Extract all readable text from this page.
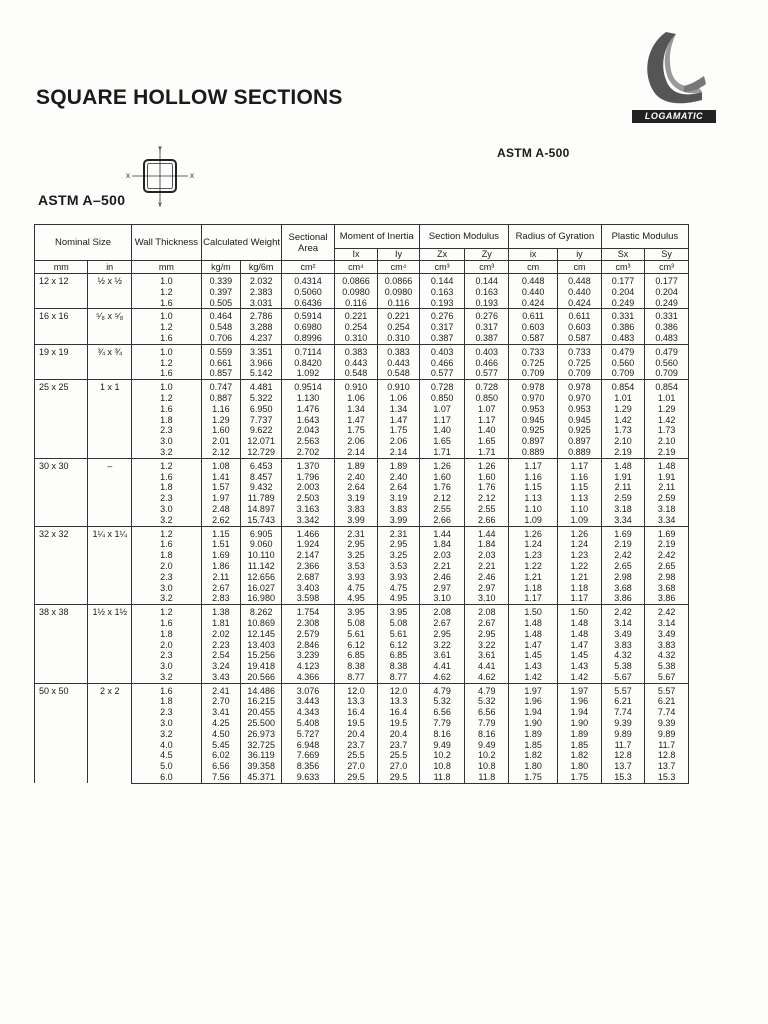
SQUARE HOLLOW SECTIONS
LOGAMATIC
ASTM A-500
X	X
Y
Y
ASTM A–500
Nominal Size		Wall Thickness	Calculated Weight		Sectional Area	Moment of Inertia		Section Modulus		Radius of Gyration		Plastic Modulus	
						Ix	Iy	Zx	Zy	ix	iy	Sx	Sy
mm	in	mm	kg/m	kg/6m	cm²	cm⁴	cm⁴	cm³	cm³	cm	cm	cm³	cm³
12 x 12	½ x ½	1.0	0.339	2.032	0.4314	0.0866	0.0866	0.144	0.144	0.448	0.448	0.177	0.177
		1.2	0.397	2.383	0.5060	0.0980	0.0980	0.163	0.163	0.440	0.440	0.204	0.204
		1.6	0.505	3.031	0.6436	0.116	0.116	0.193	0.193	0.424	0.424	0.249	0.249
16 x 16	⁵⁄₈ x ⁵⁄₈	1.0	0.464	2.786	0.5914	0.221	0.221	0.276	0.276	0.611	0.611	0.331	0.331
		1.2	0.548	3.288	0.6980	0.254	0.254	0.317	0.317	0.603	0.603	0.386	0.386
		1.6	0.706	4.237	0.8996	0.310	0.310	0.387	0.387	0.587	0.587	0.483	0.483
19 x 19	¾ x ¾	1.0	0.559	3.351	0.7114	0.383	0.383	0.403	0.403	0.733	0.733	0.479	0.479
		1.2	0.661	3.966	0.8420	0.443	0.443	0.466	0.466	0.725	0.725	0.560	0.560
		1.6	0.857	5.142	1.092	0.548	0.548	0.577	0.577	0.709	0.709	0.709	0.709
25 x 25	1 x 1	1.0	0.747	4.481	0.9514	0.910	0.910	0.728	0.728	0.978	0.978	0.854	0.854
		1.2	0.887	5.322	1.130	1.06	1.06	0.850	0.850	0.970	0.970	1.01	1.01
		1.6	1.16	6.950	1.476	1.34	1.34	1.07	1.07	0.953	0.953	1.29	1.29
		1.8	1.29	7.737	1.643	1.47	1.47	1.17	1.17	0.945	0.945	1.42	1.42
		2.3	1.60	9.622	2.043	1.75	1.75	1.40	1.40	0.925	0.925	1.73	1.73
		3.0	2.01	12.071	2.563	2.06	2.06	1.65	1.65	0.897	0.897	2.10	2.10
		3.2	2.12	12.729	2.702	2.14	2.14	1.71	1.71	0.889	0.889	2.19	2.19
30 x 30	–	1.2	1.08	6.453	1.370	1.89	1.89	1.26	1.26	1.17	1.17	1.48	1.48
		1.6	1.41	8.457	1.796	2.40	2.40	1.60	1.60	1.16	1.16	1.91	1.91
		1.8	1.57	9.432	2.003	2.64	2.64	1.76	1.76	1.15	1.15	2.11	2.11
		2.3	1.97	11.789	2.503	3.19	3.19	2.12	2.12	1.13	1.13	2.59	2.59
		3.0	2.48	14.897	3.163	3.83	3.83	2.55	2.55	1.10	1.10	3.18	3.18
		3.2	2.62	15.743	3.342	3.99	3.99	2.66	2.66	1.09	1.09	3.34	3.34
32 x 32	1¼ x 1¼	1.2	1.15	6.905	1.466	2.31	2.31	1.44	1.44	1.26	1.26	1.69	1.69
		1.6	1.51	9.060	1.924	2.95	2.95	1.84	1.84	1.24	1.24	2.19	2.19
		1.8	1.69	10.110	2.147	3.25	3.25	2.03	2.03	1.23	1.23	2.42	2.42
		2.0	1.86	11.142	2.366	3.53	3.53	2.21	2.21	1.22	1.22	2.65	2.65
		2.3	2.11	12.656	2.687	3.93	3.93	2.46	2.46	1.21	1.21	2.98	2.98
		3.0	2.67	16.027	3.403	4.75	4.75	2.97	2.97	1.18	1.18	3.68	3.68
		3.2	2.83	16.980	3.598	4.95	4.95	3.10	3.10	1.17	1.17	3.86	3.86
38 x 38	1½ x 1½	1.2	1.38	8.262	1.754	3.95	3.95	2.08	2.08	1.50	1.50	2.42	2.42
		1.6	1.81	10.869	2.308	5.08	5.08	2.67	2.67	1.48	1.48	3.14	3.14
		1.8	2.02	12.145	2.579	5.61	5.61	2.95	2.95	1.48	1.48	3.49	3.49
		2.0	2.23	13.403	2.846	6.12	6.12	3.22	3.22	1.47	1.47	3.83	3.83
		2.3	2.54	15.256	3.239	6.85	6.85	3.61	3.61	1.45	1.45	4.32	4.32
		3.0	3.24	19.418	4.123	8.38	8.38	4.41	4.41	1.43	1.43	5.38	5.38
		3.2	3.43	20.566	4.366	8.77	8.77	4.62	4.62	1.42	1.42	5.67	5.67
50 x 50	2 x 2	1.6	2.41	14.486	3.076	12.0	12.0	4.79	4.79	1.97	1.97	5.57	5.57
		1.8	2.70	16.215	3.443	13.3	13.3	5.32	5.32	1.96	1.96	6.21	6.21
		2.3	3.41	20.455	4.343	16.4	16.4	6.56	6.56	1.94	1.94	7.74	7.74
		3.0	4.25	25.500	5.408	19.5	19.5	7.79	7.79	1.90	1.90	9.39	9.39
		3.2	4.50	26.973	5.727	20.4	20.4	8.16	8.16	1.89	1.89	9.89	9.89
		4.0	5.45	32.725	6.948	23.7	23.7	9.49	9.49	1.85	1.85	11.7	11.7
		4.5	6.02	36.119	7.669	25.5	25.5	10.2	10.2	1.82	1.82	12.8	12.8
		5.0	6.56	39.358	8.356	27.0	27.0	10.8	10.8	1.80	1.80	13.7	13.7
		6.0	7.56	45.371	9.633	29.5	29.5	11.8	11.8	1.75	1.75	15.3	15.3
